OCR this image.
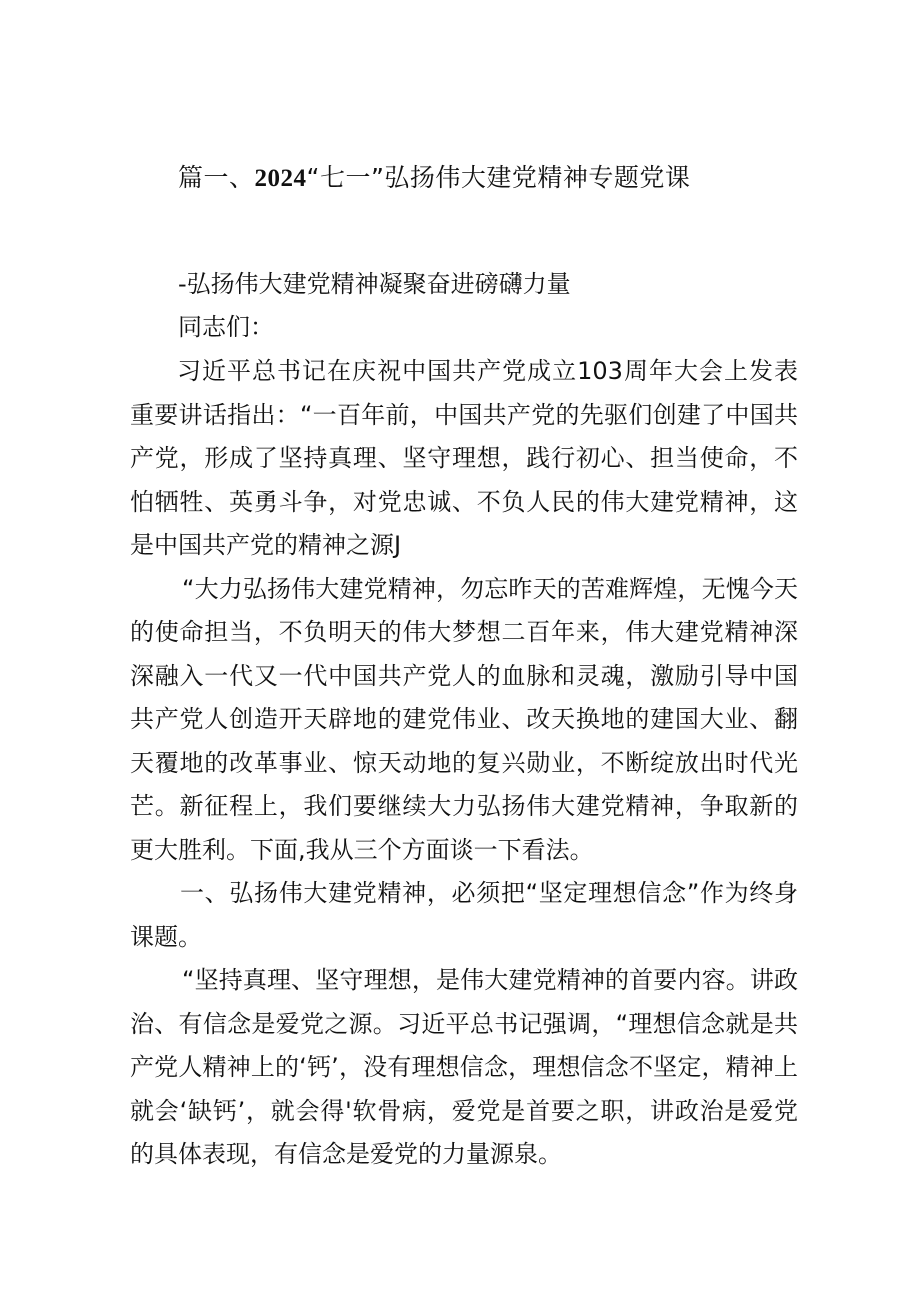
篇一、2024“七一”弘扬伟大建党精神专题党课
-弘扬伟大建党精神凝聚奋进磅礴力量
同志们：

习近平总书记在庆祝中国共产党成立103周年大会上发表重要讲话指出：“一百年前，中国共产党的先驱们创建了中国共产党，形成了坚持真理、坚守理想，践行初心、担当使命，不怕牺牲、英勇斗争，对党忠诚、不负人民的伟大建党精神，这是中国共产党的精神之源J

“大力弘扬伟大建党精神，勿忘昨天的苦难辉煌，无愧今天的使命担当，不负明天的伟大梦想二百年来，伟大建党精神深深融入一代又一代中国共产党人的血脉和灵魂，激励引导中国共产党人创造开天辟地的建党伟业、改天换地的建国大业、翻天覆地的改革事业、惊天动地的复兴勋业，不断绽放出时代光芒。新征程上，我们要继续大力弘扬伟大建党精神，争取新的更大胜利。下面,我从三个方面谈一下看法。

一、弘扬伟大建党精神，必须把“坚定理想信念”作为终身课题。

“坚持真理、坚守理想，是伟大建党精神的首要内容。讲政治、有信念是爱党之源。习近平总书记强调，“理想信念就是共产党人精神上的‘钙’，没有理想信念，理想信念不坚定，精神上就会‘缺钙’，就会得'软骨病，爱党是首要之职，讲政治是爱党的具体表现，有信念是爱党的力量源泉。
